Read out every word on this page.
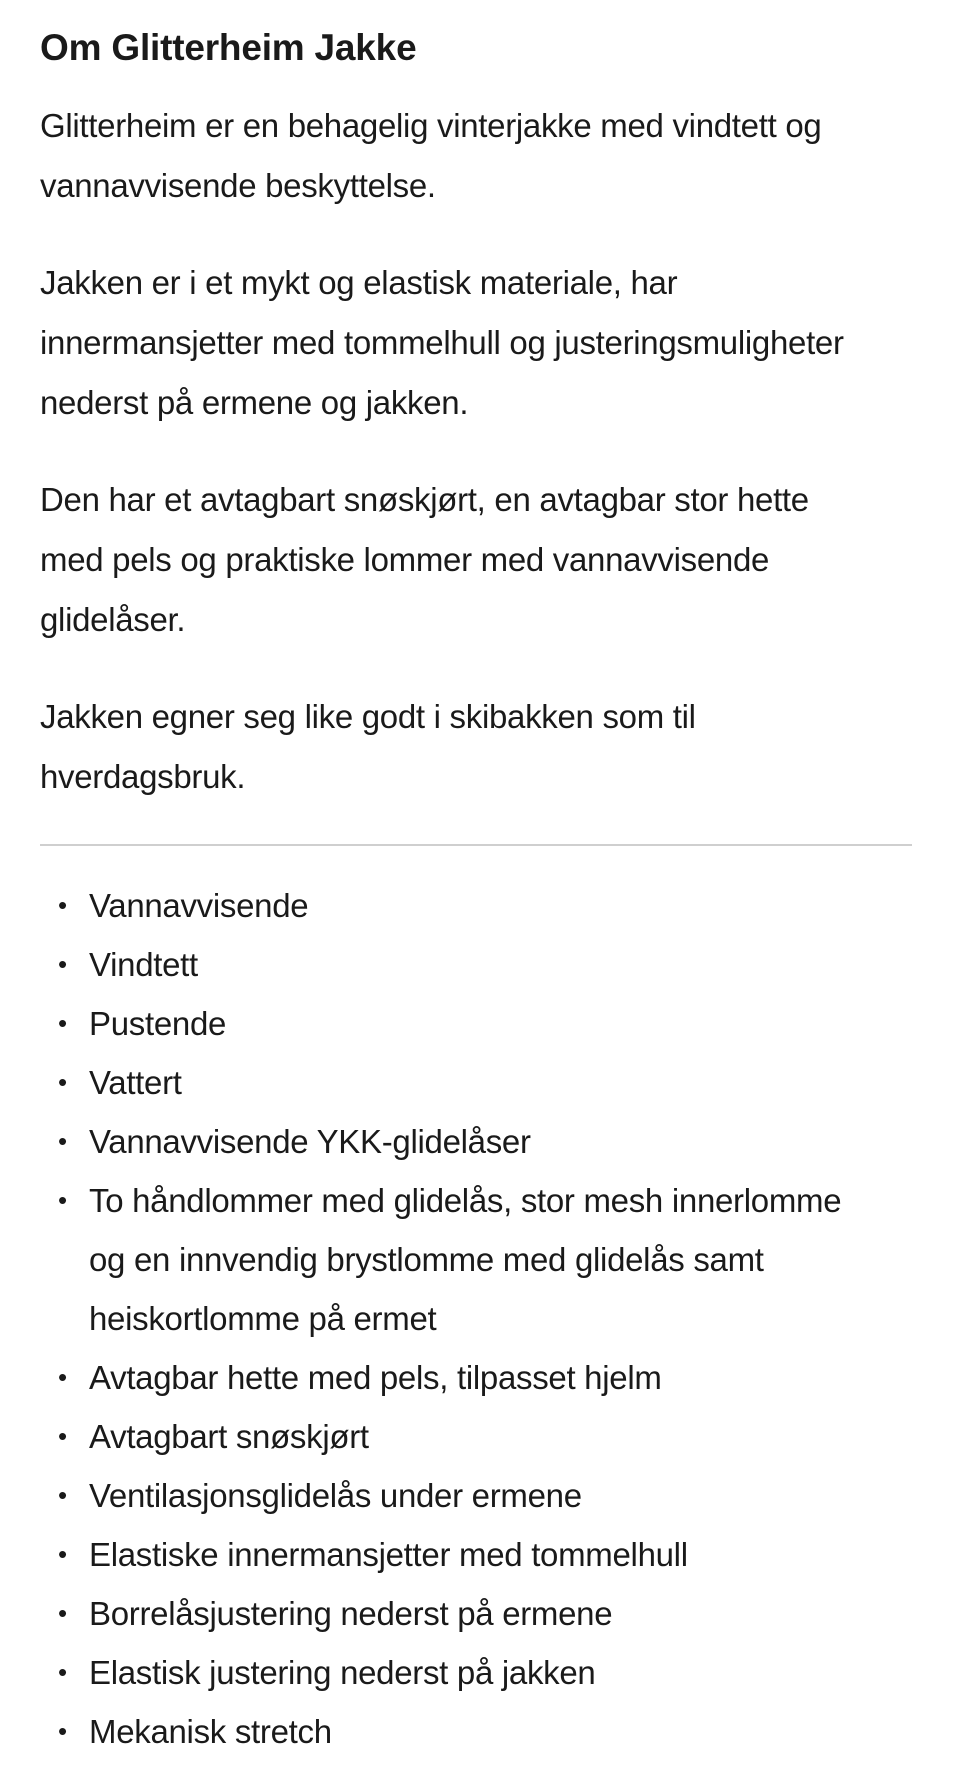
Om Glitterheim Jakke

Glitterheim er en behagelig vinterjakke med vindtett og vannavvisende beskyttelse.

Jakken er i et mykt og elastisk materiale, har innermansjetter med tommelhull og justeringsmuligheter nederst på ermene og jakken.

Den har et avtagbart snøskjørt, en avtagbar stor hette med pels og praktiske lommer med vannavvisende glidelåser.

Jakken egner seg like godt i skibakken som til hverdagsbruk.

• Vannavvisende
• Vindtett
• Pustende
• Vattert
• Vannavvisende YKK-glidelåser
• To håndlommer med glidelås, stor mesh innerlomme og en innvendig brystlomme med glidelås samt heiskortlomme på ermet
• Avtagbar hette med pels, tilpasset hjelm
• Avtagbart snøskjørt
• Ventilasjonsglidelås under ermene
• Elastiske innermansjetter med tommelhull
• Borrelåsjustering nederst på ermene
• Elastisk justering nederst på jakken
• Mekanisk stretch
